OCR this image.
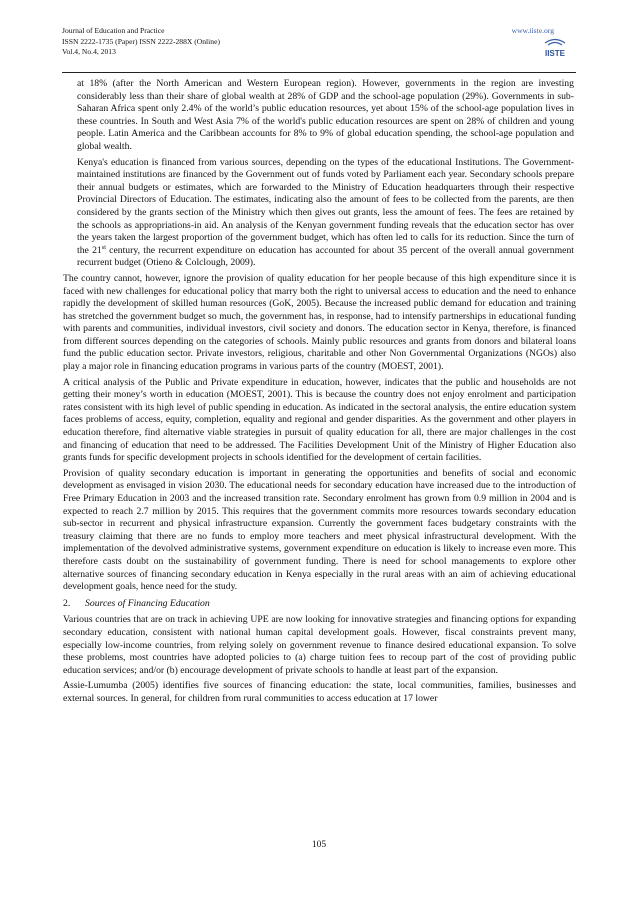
Journal of Education and Practice
ISSN 2222-1735 (Paper) ISSN 2222-288X (Online)
Vol.4, No.4, 2013
www.iiste.org
IISTE

at 18% (after the North American and Western European region). However, governments in the region are investing considerably less than their share of global wealth at 28% of GDP and the school-age population (29%). Governments in sub-Saharan Africa spent only 2.4% of the world’s public education resources, yet about 15% of the school-age population lives in these countries. In South and West Asia 7% of the world's public education resources are spent on 28% of children and young people. Latin America and the Caribbean accounts for 8% to 9% of global education spending, the school-age population and global wealth.

Kenya's education is financed from various sources, depending on the types of the educational Institutions. The Government-maintained institutions are financed by the Government out of funds voted by Parliament each year. Secondary schools prepare their annual budgets or estimates, which are forwarded to the Ministry of Education headquarters through their respective Provincial Directors of Education. The estimates, indicating also the amount of fees to be collected from the parents, are then considered by the grants section of the Ministry which then gives out grants, less the amount of fees. The fees are retained by the schools as appropriations-in aid. An analysis of the Kenyan government funding reveals that the education sector has over the years taken the largest proportion of the government budget, which has often led to calls for its reduction. Since the turn of the 21st century, the recurrent expenditure on education has accounted for about 35 percent of the overall annual government recurrent budget (Otieno & Colclough, 2009).

The country cannot, however, ignore the provision of quality education for her people because of this high expenditure since it is faced with new challenges for educational policy that marry both the right to universal access to education and the need to enhance rapidly the development of skilled human resources (GoK, 2005). Because the increased public demand for education and training has stretched the government budget so much, the government has, in response, had to intensify partnerships in educational funding with parents and communities, individual investors, civil society and donors. The education sector in Kenya, therefore, is financed from different sources depending on the categories of schools. Mainly public resources and grants from donors and bilateral loans fund the public education sector. Private investors, religious, charitable and other Non Governmental Organizations (NGOs) also play a major role in financing education programs in various parts of the country (MOEST, 2001).

A critical analysis of the Public and Private expenditure in education, however, indicates that the public and households are not getting their money’s worth in education (MOEST, 2001). This is because the country does not enjoy enrolment and participation rates consistent with its high level of public spending in education. As indicated in the sectoral analysis, the entire education system faces problems of access, equity, completion, equality and regional and gender disparities. As the government and other players in education therefore, find alternative viable strategies in pursuit of quality education for all, there are major challenges in the cost and financing of education that need to be addressed. The Facilities Development Unit of the Ministry of Higher Education also grants funds for specific development projects in schools identified for the development of certain facilities.

Provision of quality secondary education is important in generating the opportunities and benefits of social and economic development as envisaged in vision 2030. The educational needs for secondary education have increased due to the introduction of Free Primary Education in 2003 and the increased transition rate. Secondary enrolment has grown from 0.9 million in 2004 and is expected to reach 2.7 million by 2015. This requires that the government commits more resources towards secondary education sub-sector in recurrent and physical infrastructure expansion. Currently the government faces budgetary constraints with the treasury claiming that there are no funds to employ more teachers and meet physical infrastructural development. With the implementation of the devolved administrative systems, government expenditure on education is likely to increase even more. This therefore casts doubt on the sustainability of government funding. There is need for school managements to explore other alternative sources of financing secondary education in Kenya especially in the rural areas with an aim of achieving educational development goals, hence need for the study.

2. Sources of Financing Education

Various countries that are on track in achieving UPE are now looking for innovative strategies and financing options for expanding secondary education, consistent with national human capital development goals. However, fiscal constraints prevent many, especially low-income countries, from relying solely on government revenue to finance desired educational expansion. To solve these problems, most countries have adopted policies to (a) charge tuition fees to recoup part of the cost of providing public education services; and/or (b) encourage development of private schools to handle at least part of the expansion.

Assie-Lumumba (2005) identifies five sources of financing education: the state, local communities, families, businesses and external sources. In general, for children from rural communities to access education at 17 lower

105
